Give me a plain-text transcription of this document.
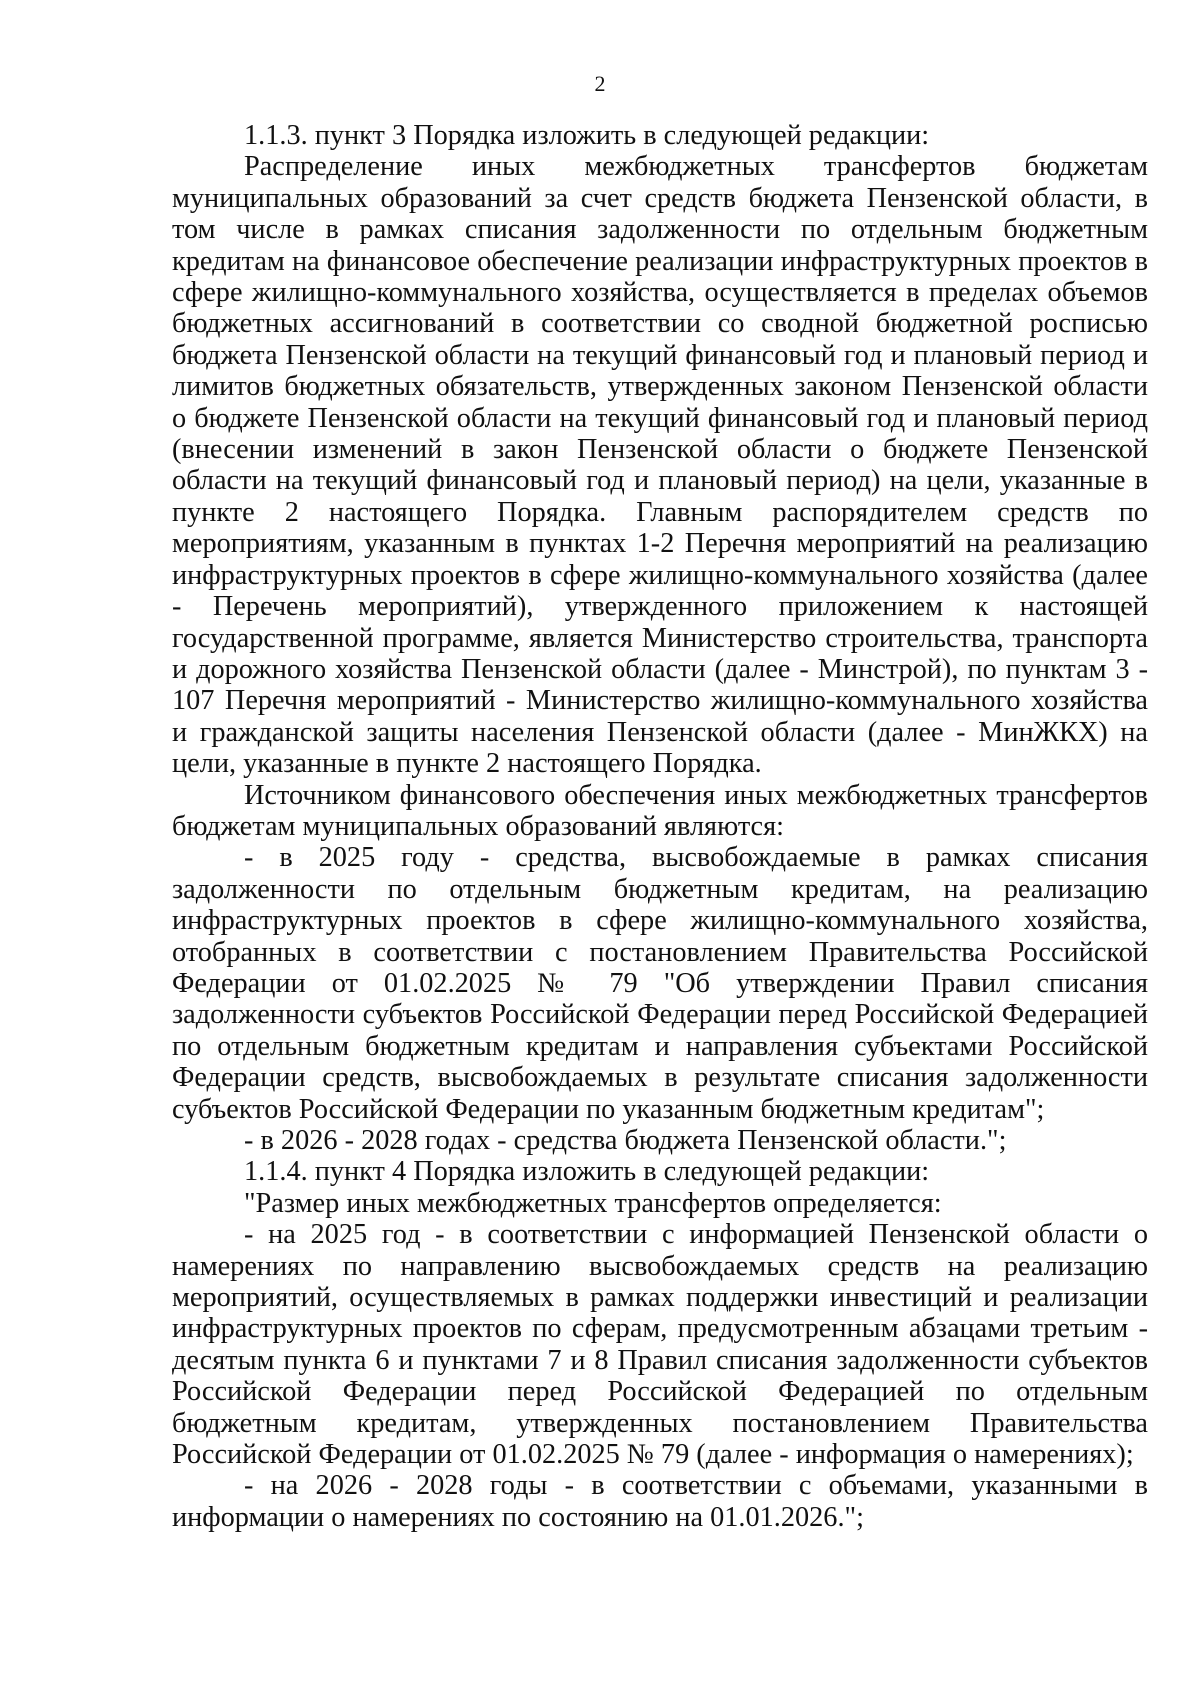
2

1.1.3. пункт 3 Порядка изложить в следующей редакции:

Распределение иных межбюджетных трансфертов бюджетам муниципальных образований за счет средств бюджета Пензенской области, в том числе в рамках списания задолженности по отдельным бюджетным кредитам на финансовое обеспечение реализации инфраструктурных проектов в сфере жилищно-коммунального хозяйства, осуществляется в пределах объемов бюджетных ассигнований в соответствии со сводной бюджетной росписью бюджета Пензенской области на текущий финансовый год и плановый период и лимитов бюджетных обязательств, утвержденных законом Пензенской области о бюджете Пензенской области на текущий финансовый год и плановый период (внесении изменений в закон Пензенской области о бюджете Пензенской области на текущий финансовый год и плановый период) на цели, указанные в пункте 2 настоящего Порядка. Главным распорядителем средств по мероприятиям, указанным в пунктах 1-2 Перечня мероприятий на реализацию инфраструктурных проектов в сфере жилищно-коммунального хозяйства (далее - Перечень мероприятий), утвержденного приложением к настоящей государственной программе, является Министерство строительства, транспорта и дорожного хозяйства Пензенской области (далее - Минстрой), по пунктам 3 - 107 Перечня мероприятий - Министерство жилищно-коммунального хозяйства и гражданской защиты населения Пензенской области (далее - МинЖКХ) на цели, указанные в пункте 2 настоящего Порядка.

Источником финансового обеспечения иных межбюджетных трансфертов бюджетам муниципальных образований являются:

- в 2025 году - средства, высвобождаемые в рамках списания задолженности по отдельным бюджетным кредитам, на реализацию инфраструктурных проектов в сфере жилищно-коммунального хозяйства, отобранных в соответствии с постановлением Правительства Российской Федерации от 01.02.2025 № 79 "Об утверждении Правил списания задолженности субъектов Российской Федерации перед Российской Федерацией по отдельным бюджетным кредитам и направления субъектами Российской Федерации средств, высвобождаемых в результате списания задолженности субъектов Российской Федерации по указанным бюджетным кредитам";

- в 2026 - 2028 годах - средства бюджета Пензенской области.";

1.1.4. пункт 4 Порядка изложить в следующей редакции:

"Размер иных межбюджетных трансфертов определяется:

- на 2025 год - в соответствии с информацией Пензенской области о намерениях по направлению высвобождаемых средств на реализацию мероприятий, осуществляемых в рамках поддержки инвестиций и реализации инфраструктурных проектов по сферам, предусмотренным абзацами третьим - десятым пункта 6 и пунктами 7 и 8 Правил списания задолженности субъектов Российской Федерации перед Российской Федерацией по отдельным бюджетным кредитам, утвержденных постановлением Правительства Российской Федерации от 01.02.2025 № 79 (далее - информация о намерениях);

- на 2026 - 2028 годы - в соответствии с объемами, указанными в информации о намерениях по состоянию на 01.01.2026.";
